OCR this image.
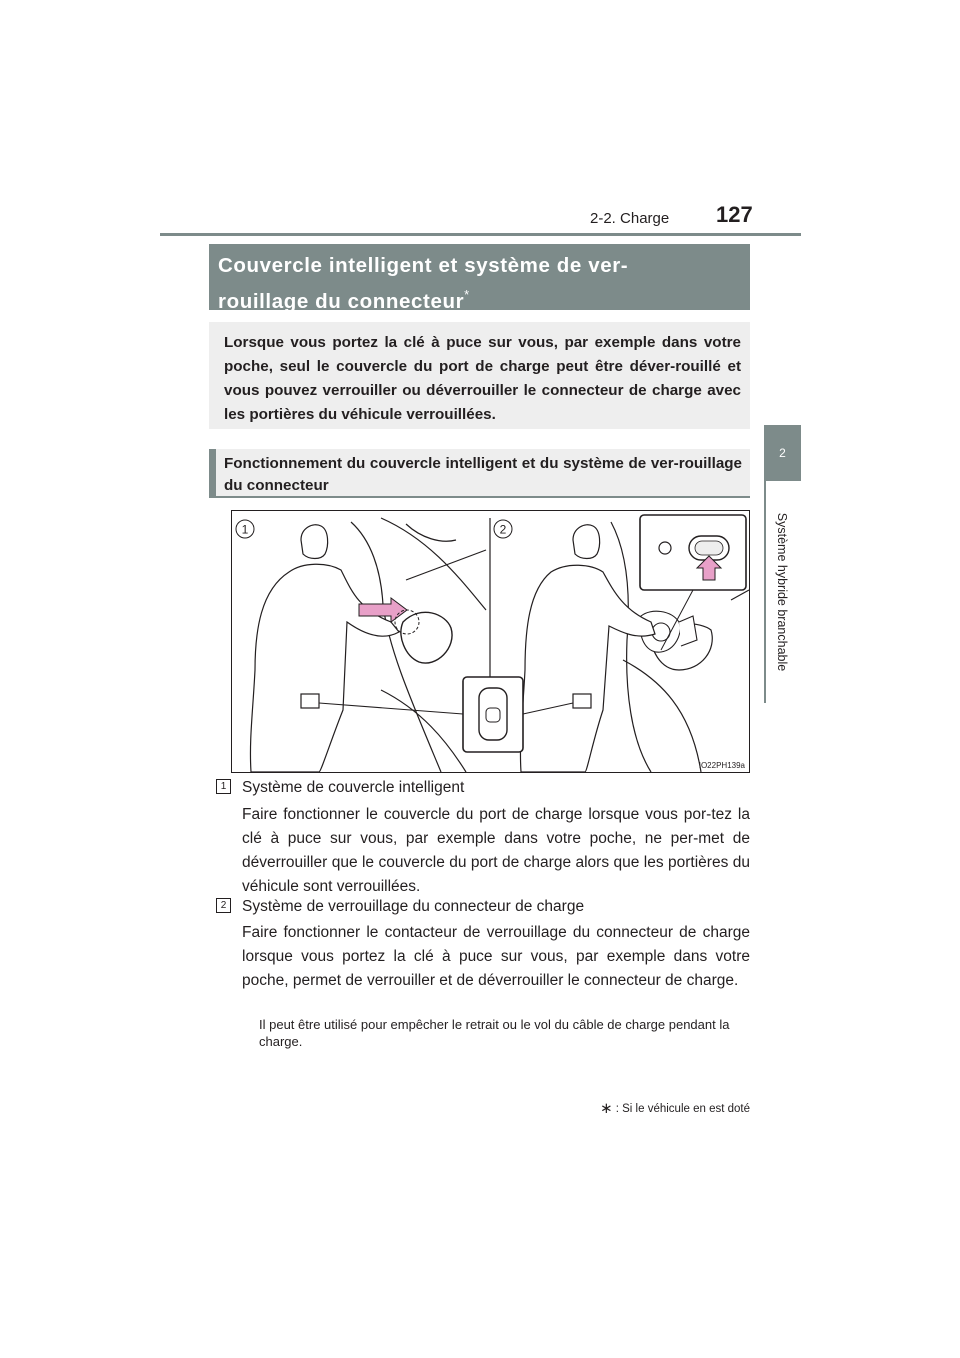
2-2. Charge 127
2
Système hybride branchable
Couvercle intelligent et système de ver-
rouillage du connecteur*
Lorsque vous portez la clé à puce sur vous, par exemple dans votre poche, seul le couvercle du port de charge peut être déver-rouillé et vous pouvez verrouiller ou déverrouiller le connecteur de charge avec les portières du véhicule verrouillées.
Fonctionnement du couvercle intelligent et du système de ver-rouillage du connecteur
1	2
IO22PH139a
1	Système de couvercle intelligent
Faire fonctionner le couvercle du port de charge lorsque vous por-tez la clé à puce sur vous, par exemple dans votre poche, ne per-met de déverrouiller que le couvercle du port de charge alors que les portières du véhicule sont verrouillées.
2	Système de verrouillage du connecteur de charge
Faire fonctionner le contacteur de verrouillage du connecteur de charge lorsque vous portez la clé à puce sur vous, par exemple dans votre poche, permet de verrouiller et de déverrouiller le connecteur de charge.
Il peut être utilisé pour empêcher le retrait ou le vol du câble de charge pendant la charge.
∗ : Si le véhicule en est doté
